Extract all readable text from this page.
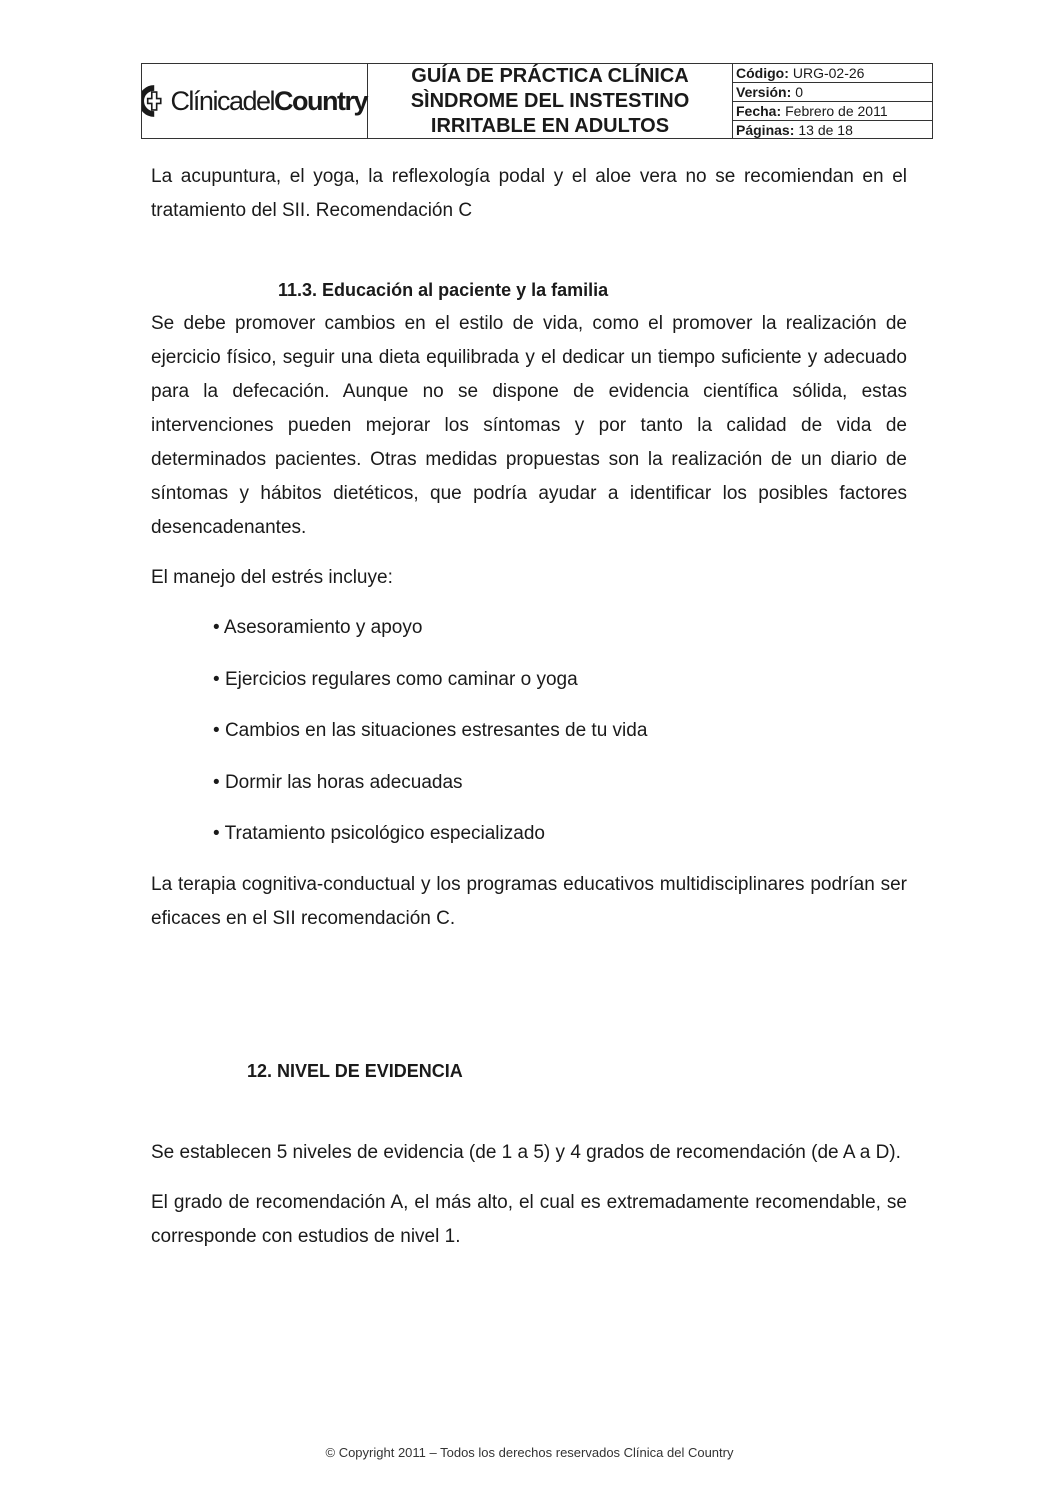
ClínicadelCountry
GUÍA DE PRÁCTICA CLÍNICA
SÌNDROME DEL INSTESTINO
IRRITABLE EN ADULTOS
Código: URG-02-26
Versión: 0
Fecha: Febrero de 2011
Páginas: 13 de 18

La acupuntura, el yoga, la reflexología podal y el aloe vera no se recomiendan en el tratamiento del SII. Recomendación C

11.3. Educación al paciente y la familia

Se debe promover cambios en el estilo de vida, como el promover la realización de ejercicio físico, seguir una dieta equilibrada y el dedicar un tiempo suficiente y adecuado para la defecación. Aunque no se dispone de evidencia científica sólida, estas intervenciones pueden mejorar los síntomas y por tanto la calidad de vida de determinados pacientes. Otras medidas propuestas son la realización de un diario de síntomas y hábitos dietéticos, que podría ayudar a identificar los posibles factores desencadenantes.

El manejo del estrés incluye:

• Asesoramiento y apoyo
• Ejercicios regulares como caminar o yoga
• Cambios en las situaciones estresantes de tu vida
• Dormir las horas adecuadas
• Tratamiento psicológico especializado

La terapia cognitiva-conductual y los programas educativos multidisciplinares podrían ser eficaces en el SII recomendación C.

12. NIVEL DE EVIDENCIA

Se establecen 5 niveles de evidencia (de 1 a 5) y 4 grados de recomendación (de A a D).

El grado de recomendación A, el más alto, el cual es extremadamente recomendable, se corresponde con estudios de nivel 1.

© Copyright 2011 – Todos los derechos reservados Clínica del Country
